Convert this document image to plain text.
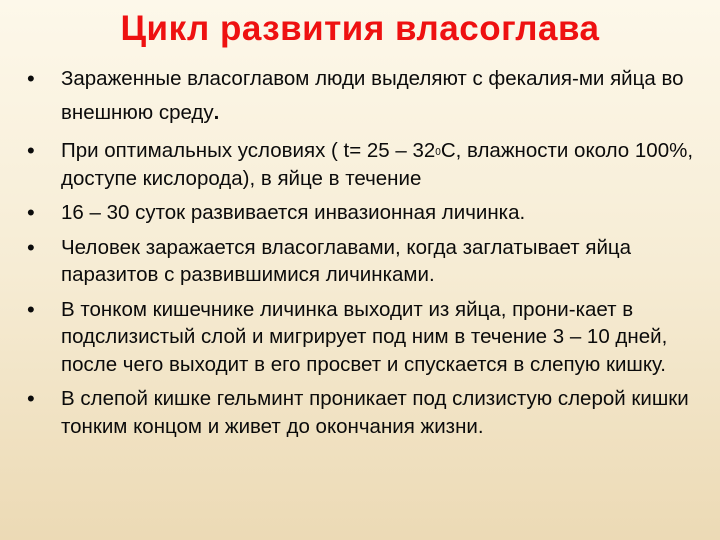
Цикл развития власоглава
• Зараженные власоглавом люди выделяют с фекалия-ми яйца во внешнюю среду.
• При оптимальных условиях ( $t= 25 - 32^0С$, влажности около 100%, доступе кислорода), в яйце в течение
• 16 – 30 суток развивается инвазионная личинка.
• Человек заражается власоглавами, когда заглатывает яйца паразитов с развившимися личинками.
• В тонком кишечнике личинка выходит из яйца, прони-кает в подслизистый слой и мигрирует под ним в течение 3 – 10 дней, после чего выходит в его просвет и спускается в слепую кишку.
• В слепой кишке гельминт проникает под слизистую слерой кишки тонким концом и живет до окончания жизни.
